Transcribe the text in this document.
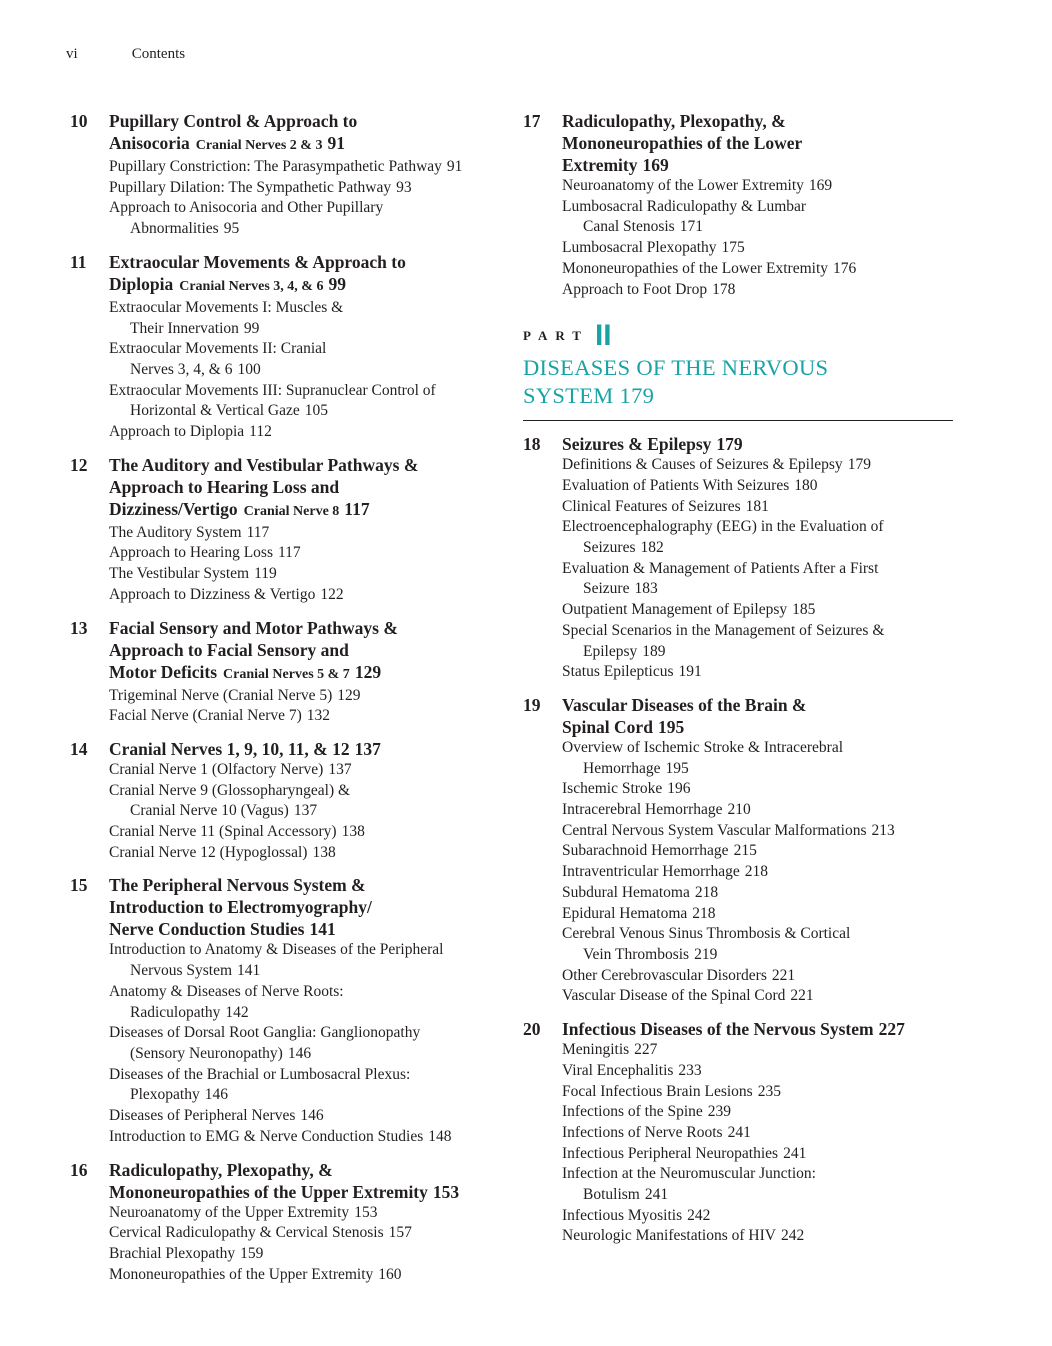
vi	Contents
10	Pupillary Control & Approach to
Anisocoria Cranial Nerves 2 & 3 91
Pupillary Constriction: The Parasympathetic Pathway 91
Pupillary Dilation: The Sympathetic Pathway 93
Approach to Anisocoria and Other Pupillary
Abnormalities 95
11	Extraocular Movements & Approach to
Diplopia Cranial Nerves 3, 4, & 6 99
Extraocular Movements I: Muscles &
Their Innervation 99
Extraocular Movements II: Cranial
Nerves 3, 4, & 6 100
Extraocular Movements III: Supranuclear Control of
Horizontal & Vertical Gaze 105
Approach to Diplopia 112
12	The Auditory and Vestibular Pathways &
Approach to Hearing Loss and
Dizziness/Vertigo Cranial Nerve 8 117
The Auditory System 117
Approach to Hearing Loss 117
The Vestibular System 119
Approach to Dizziness & Vertigo 122
13	Facial Sensory and Motor Pathways &
Approach to Facial Sensory and
Motor Deficits Cranial Nerves 5 & 7 129
Trigeminal Nerve (Cranial Nerve 5) 129
Facial Nerve (Cranial Nerve 7) 132
14	Cranial Nerves 1, 9, 10, 11, & 12 137
Cranial Nerve 1 (Olfactory Nerve) 137
Cranial Nerve 9 (Glossopharyngeal) &
Cranial Nerve 10 (Vagus) 137
Cranial Nerve 11 (Spinal Accessory) 138
Cranial Nerve 12 (Hypoglossal) 138
15	The Peripheral Nervous System &
Introduction to Electromyography/
Nerve Conduction Studies 141
Introduction to Anatomy & Diseases of the Peripheral
Nervous System 141
Anatomy & Diseases of Nerve Roots:
Radiculopathy 142
Diseases of Dorsal Root Ganglia: Ganglionopathy
(Sensory Neuronopathy) 146
Diseases of the Brachial or Lumbosacral Plexus:
Plexopathy 146
Diseases of Peripheral Nerves 146
Introduction to EMG & Nerve Conduction Studies 148
16	Radiculopathy, Plexopathy, &
Mononeuropathies of the Upper Extremity 153
Neuroanatomy of the Upper Extremity 153
Cervical Radiculopathy & Cervical Stenosis 157
Brachial Plexopathy 159
Mononeuropathies of the Upper Extremity 160
17	Radiculopathy, Plexopathy, &
Mononeuropathies of the Lower
Extremity 169
Neuroanatomy of the Lower Extremity 169
Lumbosacral Radiculopathy & Lumbar
Canal Stenosis 171
Lumbosacral Plexopathy 175
Mononeuropathies of the Lower Extremity 176
Approach to Foot Drop 178
PART II
DISEASES OF THE NERVOUS
SYSTEM 179
18	Seizures & Epilepsy 179
Definitions & Causes of Seizures & Epilepsy 179
Evaluation of Patients With Seizures 180
Clinical Features of Seizures 181
Electroencephalography (EEG) in the Evaluation of
Seizures 182
Evaluation & Management of Patients After a First
Seizure 183
Outpatient Management of Epilepsy 185
Special Scenarios in the Management of Seizures &
Epilepsy 189
Status Epilepticus 191
19	Vascular Diseases of the Brain &
Spinal Cord 195
Overview of Ischemic Stroke & Intracerebral
Hemorrhage 195
Ischemic Stroke 196
Intracerebral Hemorrhage 210
Central Nervous System Vascular Malformations 213
Subarachnoid Hemorrhage 215
Intraventricular Hemorrhage 218
Subdural Hematoma 218
Epidural Hematoma 218
Cerebral Venous Sinus Thrombosis & Cortical
Vein Thrombosis 219
Other Cerebrovascular Disorders 221
Vascular Disease of the Spinal Cord 221
20	Infectious Diseases of the Nervous System 227
Meningitis 227
Viral Encephalitis 233
Focal Infectious Brain Lesions 235
Infections of the Spine 239
Infections of Nerve Roots 241
Infectious Peripheral Neuropathies 241
Infection at the Neuromuscular Junction:
Botulism 241
Infectious Myositis 242
Neurologic Manifestations of HIV 242
